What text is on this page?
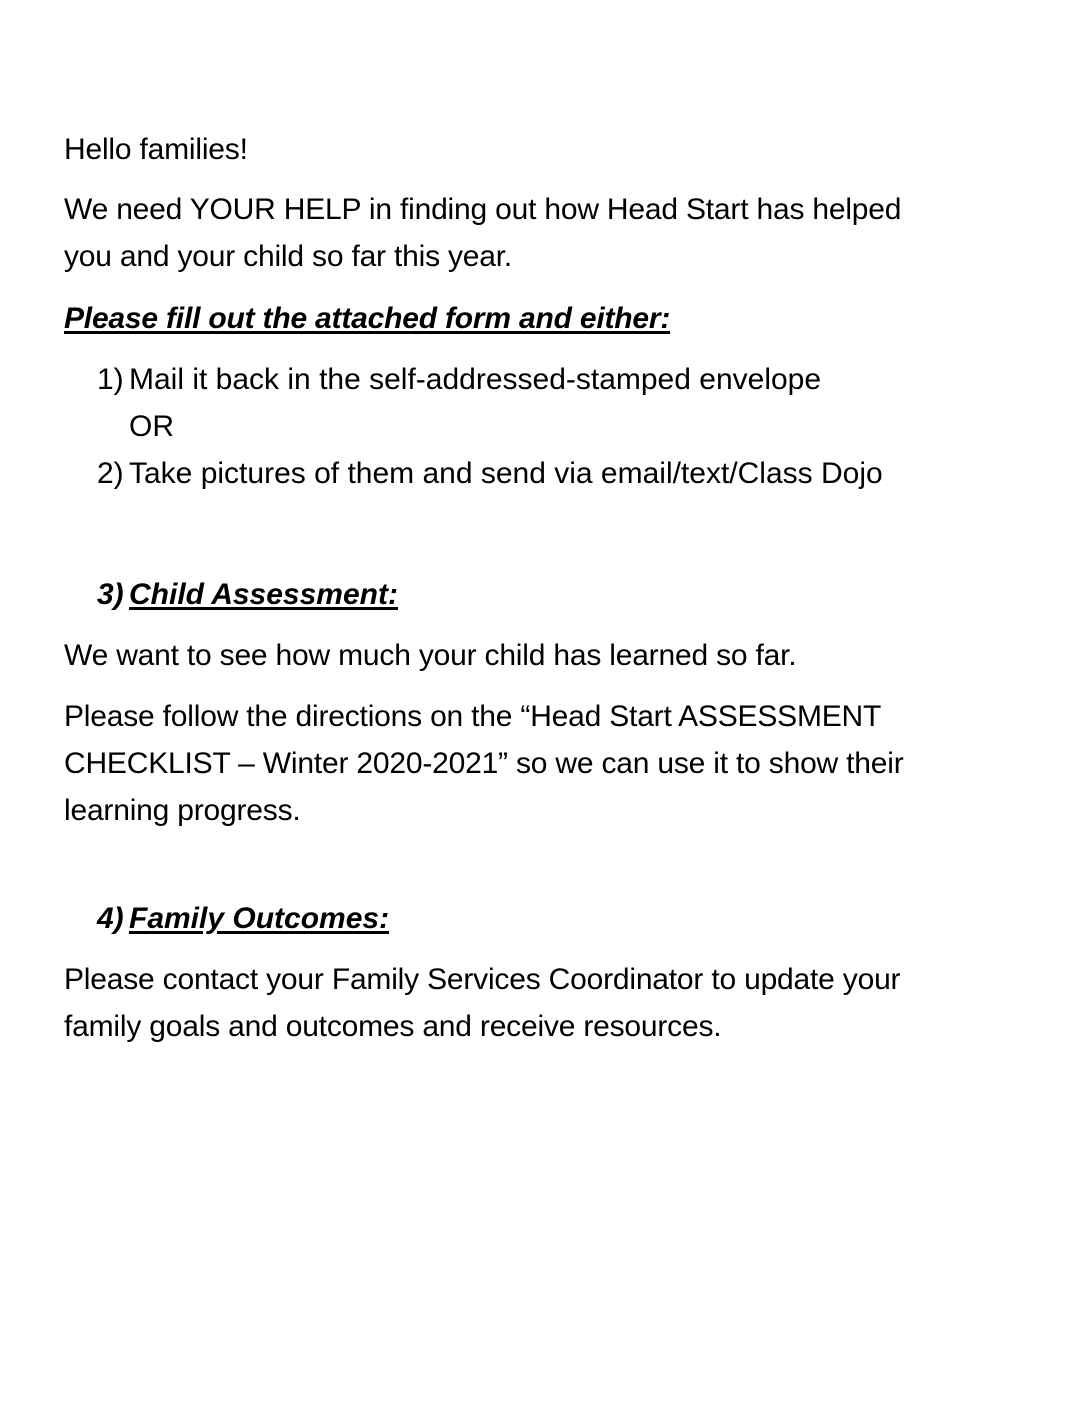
Hello families!
We need YOUR HELP in finding out how Head Start has helped
you and your child so far this year.
Please fill out the attached form and either:
1) Mail it back in the self-addressed-stamped envelope
OR
2) Take pictures of them and send via email/text/Class Dojo
3) Child Assessment:
We want to see how much your child has learned so far.
Please follow the directions on the “Head Start ASSESSMENT
CHECKLIST – Winter 2020-2021” so we can use it to show their
learning progress.
4) Family Outcomes:
Please contact your Family Services Coordinator to update your
family goals and outcomes and receive resources.
